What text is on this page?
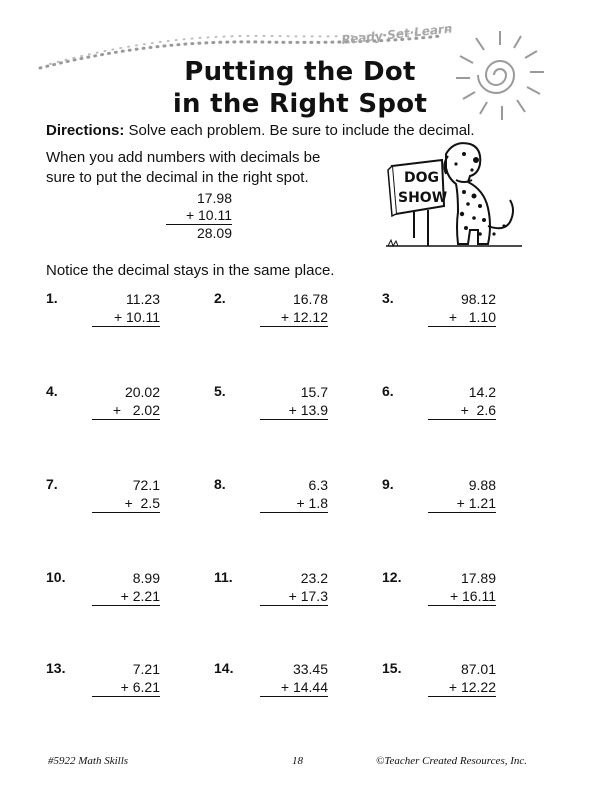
Ready·Set·Learn
Putting the Dot
in the Right Spot
Directions: Solve each problem. Be sure to include the decimal.
When you add numbers with decimals be
sure to put the decimal in the right spot.
17.98
+ 10.11
28.09
DOG
SHOW
Notice the decimal stays in the same place.
1.	11.23
+ 10.11
2.	16.78
+ 12.12
3.	98.12
+   1.10
4.	20.02
+   2.02
5.	15.7
+ 13.9
6.	14.2
+  2.6
7.	72.1
+  2.5
8.	6.3
+ 1.8
9.	9.88
+ 1.21
10.	8.99
+ 2.21
11.	23.2
+ 17.3
12.	17.89
+ 16.11
13.	7.21
+ 6.21
14.	33.45
+ 14.44
15.	87.01
+ 12.22
#5922 Math Skills	18	©Teacher Created Resources, Inc.
